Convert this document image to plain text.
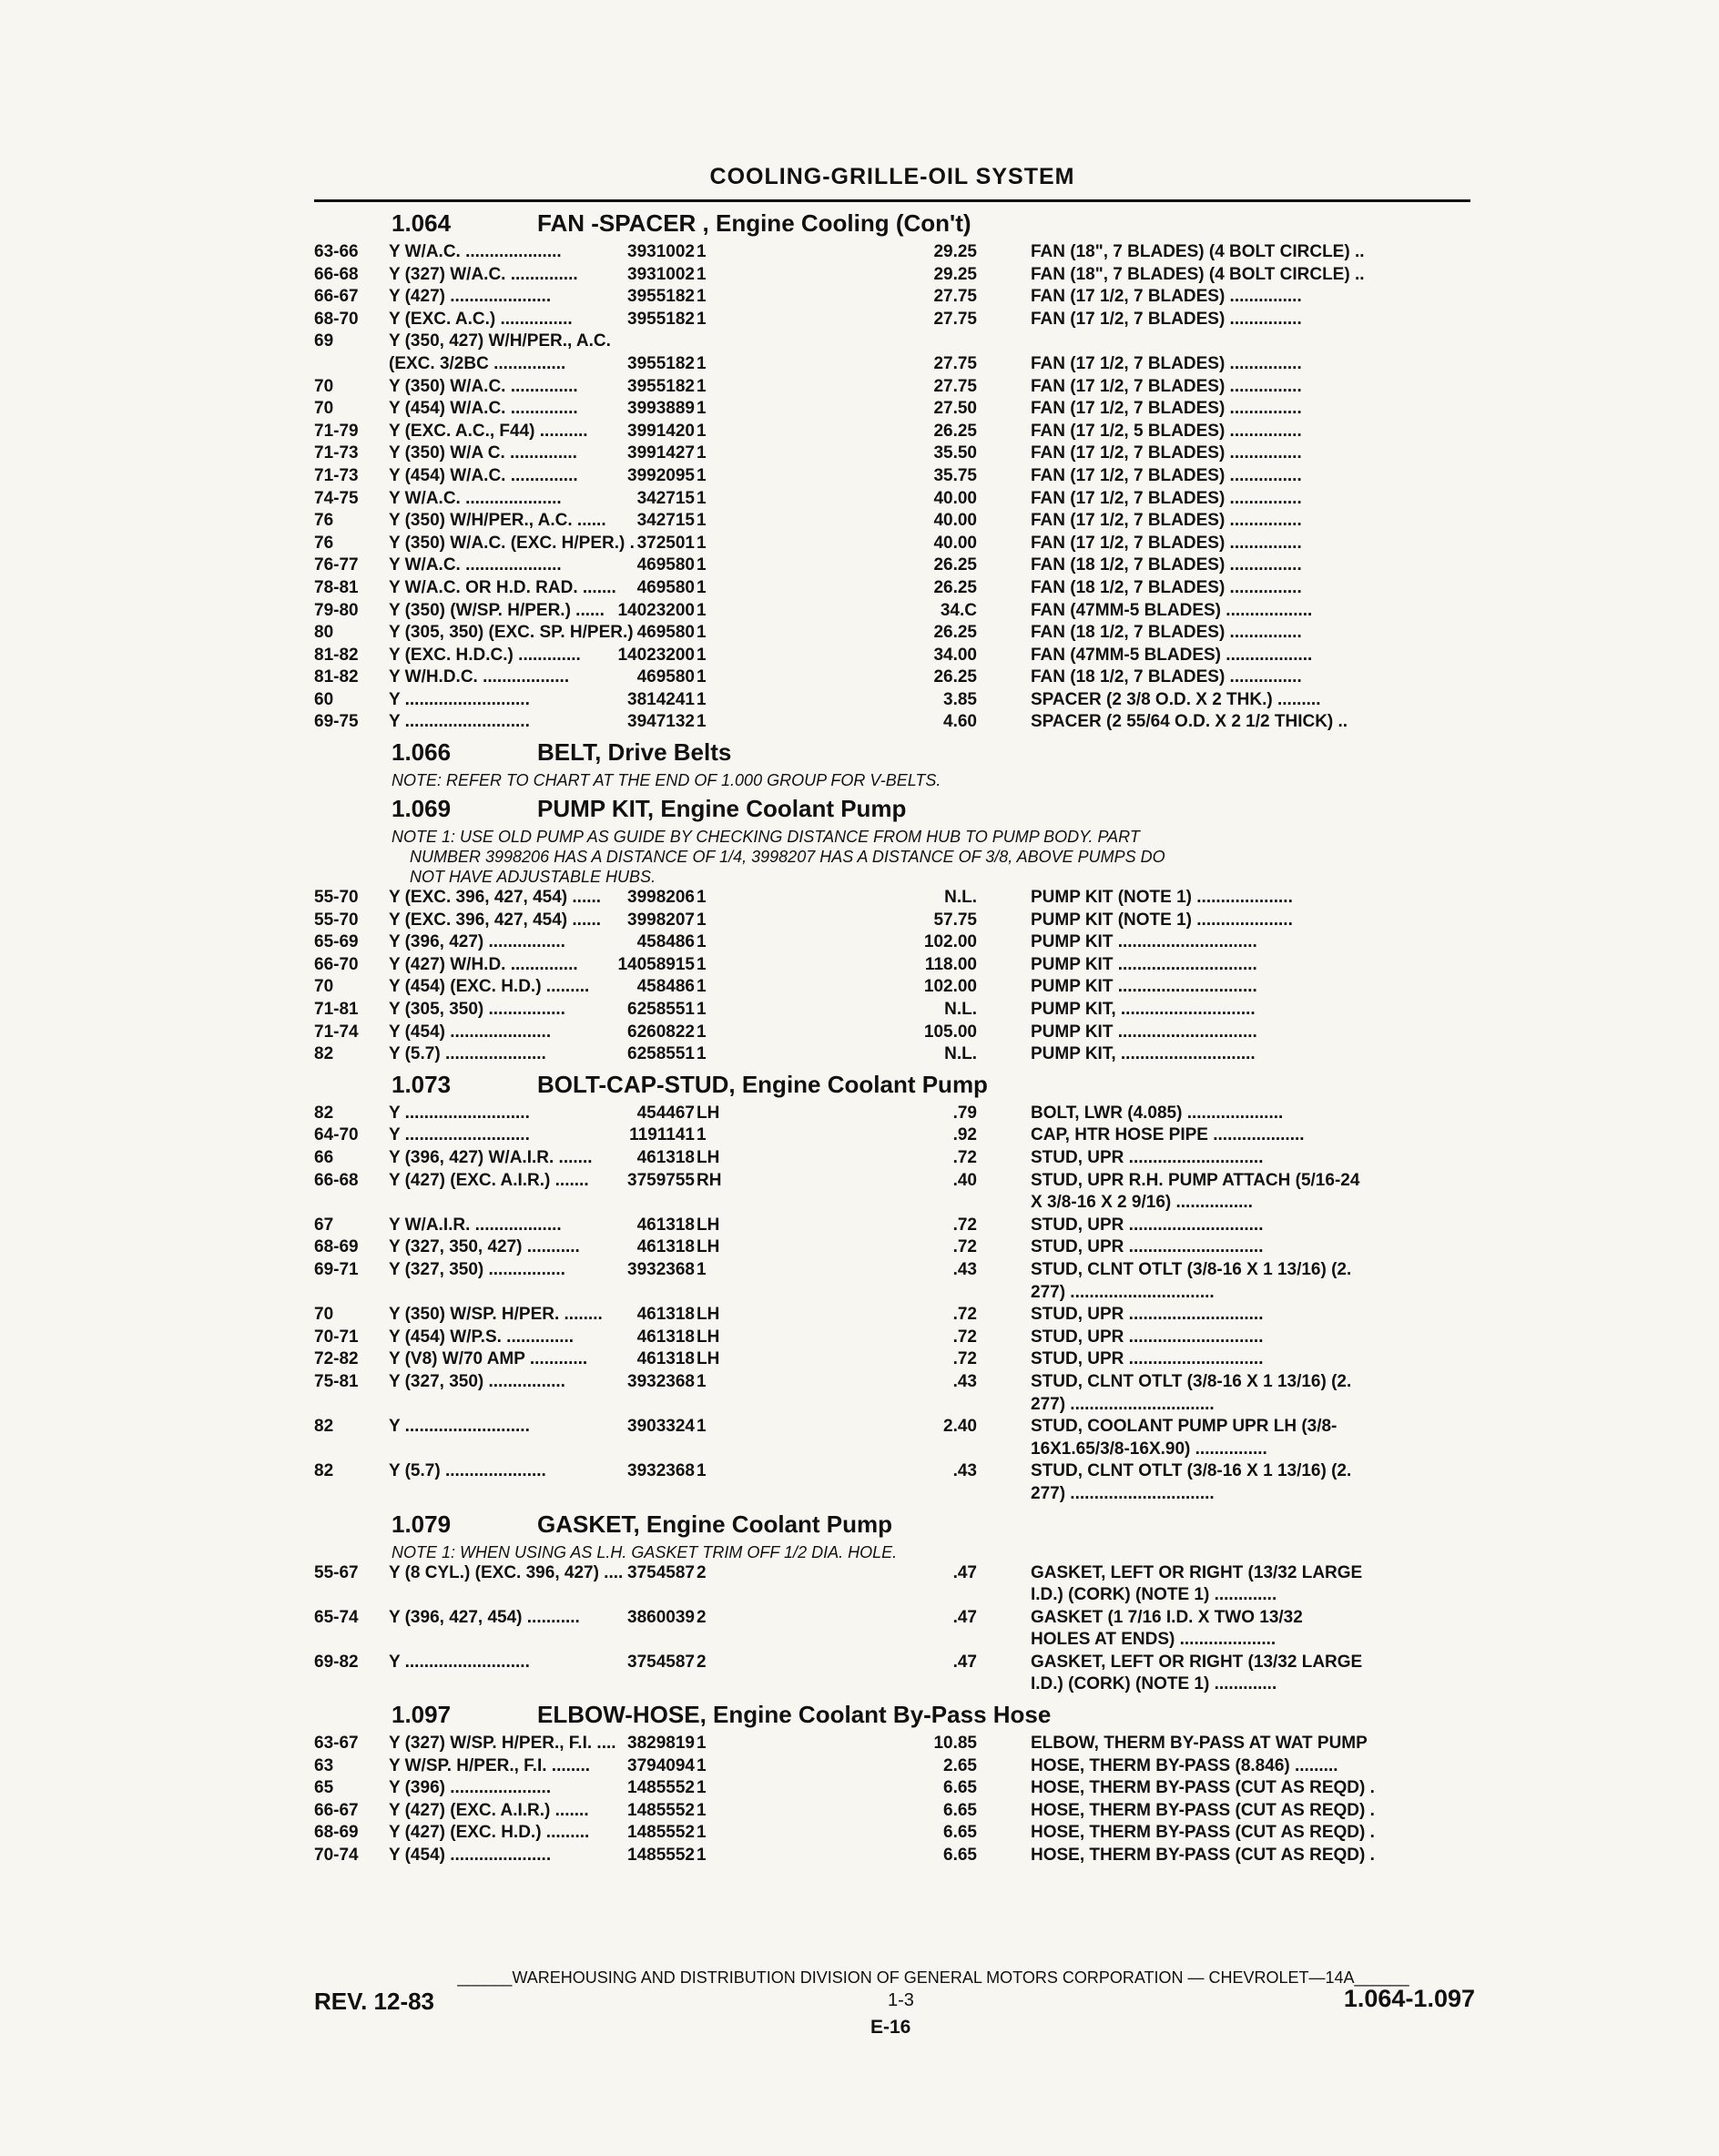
COOLING-GRILLE-OIL SYSTEM
1.064	FAN -SPACER , Engine Cooling (Con't)
63-66 Y W/A.C. ....................	3931002 1	29.25	FAN (18", 7 BLADES) (4 BOLT CIRCLE) ..
66-68 Y (327) W/A.C. ..............	3931002 1	29.25	FAN (18", 7 BLADES) (4 BOLT CIRCLE) ..
66-67 Y (427) .....................	3955182 1	27.75	FAN (17 1/2, 7 BLADES) ...............
68-70 Y (EXC. A.C.) ...............	3955182 1	27.75	FAN (17 1/2, 7 BLADES) ...............
69	Y (350, 427) W/H/PER., A.C.
(EXC. 3/2BC ...............	3955182 1	27.75	FAN (17 1/2, 7 BLADES) ...............
70	Y (350) W/A.C. ..............	3955182 1	27.75	FAN (17 1/2, 7 BLADES) ...............
70	Y (454) W/A.C. ..............	3993889 1	27.50	FAN (17 1/2, 7 BLADES) ...............
71-79 Y (EXC. A.C., F44) ..........	3991420 1	26.25	FAN (17 1/2, 5 BLADES) ...............
71-73 Y (350) W/A C. ..............	3991427 1	35.50	FAN (17 1/2, 7 BLADES) ...............
71-73 Y (454) W/A.C. ..............	3992095 1	35.75	FAN (17 1/2, 7 BLADES) ...............
74-75 Y W/A.C. ....................	342715 1	40.00	FAN (17 1/2, 7 BLADES) ...............
76	Y (350) W/H/PER., A.C. ......	342715 1	40.00	FAN (17 1/2, 7 BLADES) ...............
76	Y (350) W/A.C. (EXC. H/PER.) . 372501 1	40.00	FAN (17 1/2, 7 BLADES) ...............
76-77 Y W/A.C. ....................	469580 1	26.25	FAN (18 1/2, 7 BLADES) ...............
78-81 Y W/A.C. OR H.D. RAD. .......	469580 1	26.25	FAN (18 1/2, 7 BLADES) ...............
79-80 Y (350) (W/SP. H/PER.) ...... 14023200 1	34.C	FAN (47MM-5 BLADES) ..................
80	Y (305, 350) (EXC. SP. H/PER.) 469580 1	26.25	FAN (18 1/2, 7 BLADES) ...............
81-82 Y (EXC. H.D.C.) .............	14023200 1	34.00	FAN (47MM-5 BLADES) ..................
81-82 Y W/H.D.C. ..................	469580 1	26.25	FAN (18 1/2, 7 BLADES) ...............
60	Y ..........................	3814241 1	3.85	SPACER (2 3/8 O.D. X 2 THK.) .........
69-75 Y ..........................	3947132 1	4.60	SPACER (2 55/64 O.D. X 2 1/2 THICK) ..
1.066	BELT, Drive Belts
NOTE: REFER TO CHART AT THE END OF 1.000 GROUP FOR V-BELTS.
1.069	PUMP KIT, Engine Coolant Pump
NOTE 1: USE OLD PUMP AS GUIDE BY CHECKING DISTANCE FROM HUB TO PUMP BODY. PART
NUMBER 3998206 HAS A DISTANCE OF 1/4, 3998207 HAS A DISTANCE OF 3/8, ABOVE PUMPS DO
NOT HAVE ADJUSTABLE HUBS.
55-70 Y (EXC. 396, 427, 454) ......	3998206 1	N.L.	PUMP KIT (NOTE 1) ....................
55-70 Y (EXC. 396, 427, 454) ......	3998207 1	57.75	PUMP KIT (NOTE 1) ....................
65-69 Y (396, 427) ................	458486 1	102.00	PUMP KIT .............................
66-70 Y (427) W/H.D. ..............	14058915 1	118.00	PUMP KIT .............................
70	Y (454) (EXC. H.D.) .........	458486 1	102.00	PUMP KIT .............................
71-81 Y (305, 350) ................	6258551 1	N.L.	PUMP KIT, ............................
71-74 Y (454) .....................	6260822 1	105.00	PUMP KIT .............................
82	Y (5.7) .....................	6258551 1	N.L.	PUMP KIT, ............................
1.073	BOLT-CAP-STUD, Engine Coolant Pump
82	Y ..........................	454467 LH	.79	BOLT, LWR (4.085) ....................
64-70 Y ..........................	1191141 1	.92	CAP, HTR HOSE PIPE ...................
66	Y (396, 427) W/A.I.R. .......	461318 LH	.72	STUD, UPR ............................
66-68 Y (427) (EXC. A.I.R.) .......	3759755 RH	.40	STUD, UPR R.H. PUMP ATTACH (5/16-24
X 3/8-16 X 2 9/16) ................
67	Y W/A.I.R. ..................	461318 LH	.72	STUD, UPR ............................
68-69 Y (327, 350, 427) ...........	461318 LH	.72	STUD, UPR ............................
69-71 Y (327, 350) ................	3932368 1	.43	STUD, CLNT OTLT (3/8-16 X 1 13/16) (2.
277) ..............................
70	Y (350) W/SP. H/PER. ........	461318 LH	.72	STUD, UPR ............................
70-71 Y (454) W/P.S. ..............	461318 LH	.72	STUD, UPR ............................
72-82 Y (V8) W/70 AMP ............	461318 LH	.72	STUD, UPR ............................
75-81 Y (327, 350) ................	3932368 1	.43	STUD, CLNT OTLT (3/8-16 X 1 13/16) (2.
277) ..............................
82	Y ..........................	3903324 1	2.40	STUD, COOLANT PUMP UPR LH (3/8-
16X1.65/3/8-16X.90) ...............
82	Y (5.7) .....................	3932368 1	.43	STUD, CLNT OTLT (3/8-16 X 1 13/16) (2.
277) ..............................
1.079	GASKET, Engine Coolant Pump
NOTE 1: WHEN USING AS L.H. GASKET TRIM OFF 1/2 DIA. HOLE.
55-67 Y (8 CYL.) (EXC. 396, 427) .... 3754587 2	.47	GASKET, LEFT OR RIGHT (13/32 LARGE
I.D.) (CORK) (NOTE 1) .............
65-74 Y (396, 427, 454) ...........	3860039 2	.47	GASKET (1 7/16 I.D. X TWO 13/32
HOLES AT ENDS) ....................
69-82 Y ..........................	3754587 2	.47	GASKET, LEFT OR RIGHT (13/32 LARGE
I.D.) (CORK) (NOTE 1) .............
1.097	ELBOW-HOSE, Engine Coolant By-Pass Hose
63-67 Y (327) W/SP. H/PER., F.I. .... 3829819 1	10.85	ELBOW, THERM BY-PASS AT WAT PUMP
63	Y W/SP. H/PER., F.I. ........	3794094 1	2.65	HOSE, THERM BY-PASS (8.846) .........
65	Y (396) .....................	1485552 1	6.65	HOSE, THERM BY-PASS (CUT AS REQD) .
66-67 Y (427) (EXC. A.I.R.) .......	1485552 1	6.65	HOSE, THERM BY-PASS (CUT AS REQD) .
68-69 Y (427) (EXC. H.D.) .........	1485552 1	6.65	HOSE, THERM BY-PASS (CUT AS REQD) .
70-74 Y (454) .....................	1485552 1	6.65	HOSE, THERM BY-PASS (CUT AS REQD) .
______WAREHOUSING AND DISTRIBUTION DIVISION OF GENERAL MOTORS CORPORATION — CHEVROLET—14A______
REV. 12-83	1-3	1.064-1.097
E-16
